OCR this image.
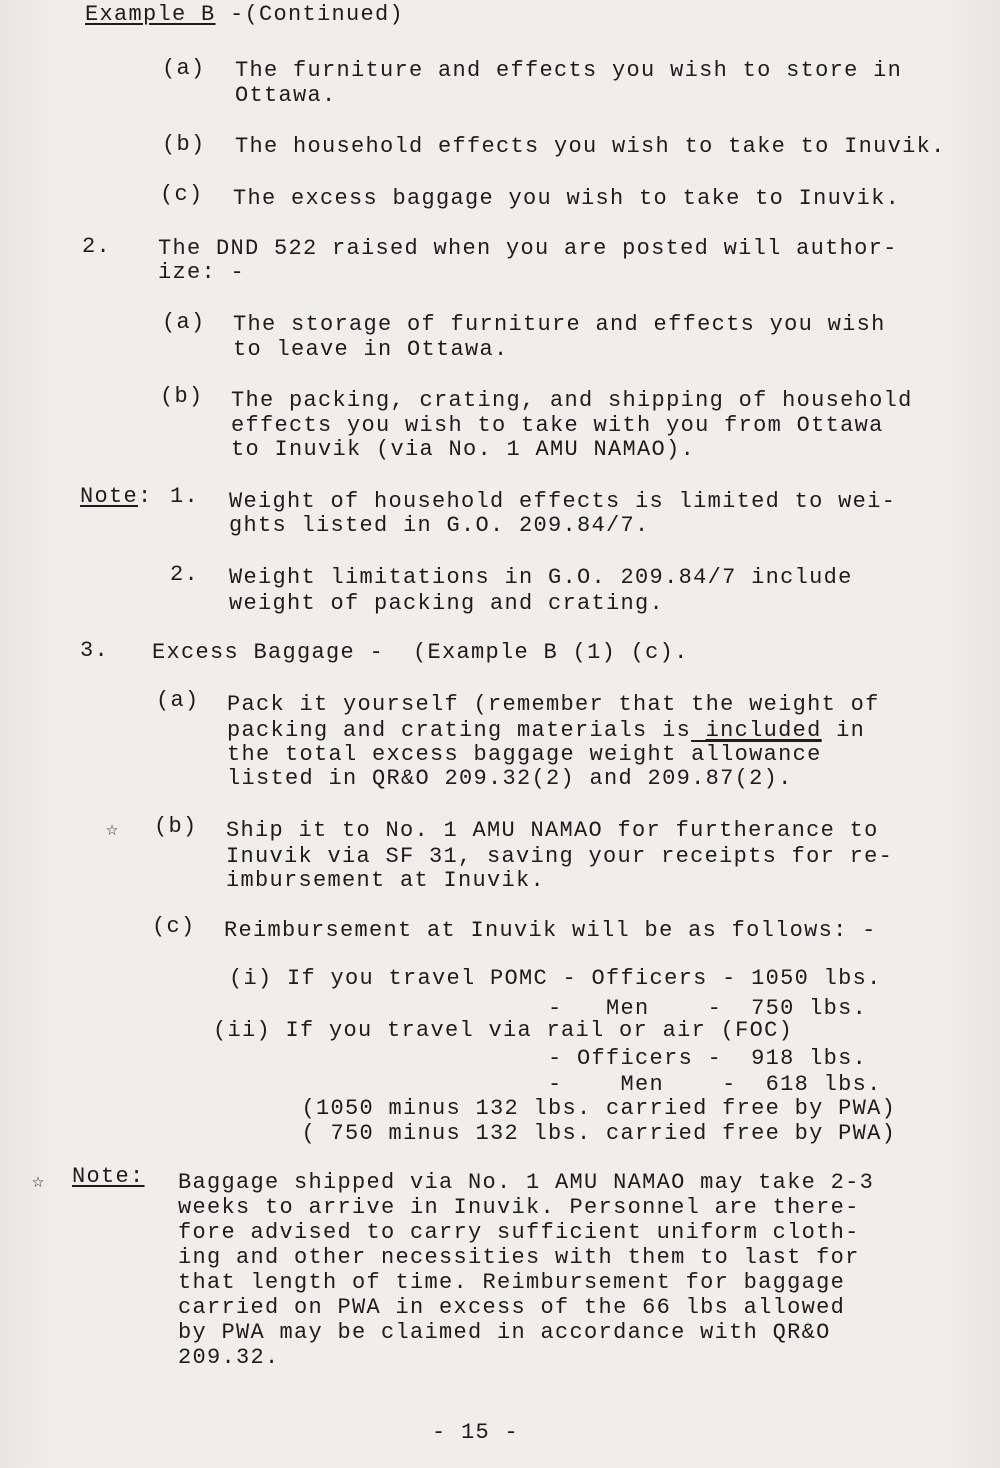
Example B -(Continued)
(a) The furniture and effects you wish to store in
Ottawa.
(b) The household effects you wish to take to Inuvik.
(c) The excess baggage you wish to take to Inuvik.
2. The DND 522 raised when you are posted will author-
ize: -
(a) The storage of furniture and effects you wish
to leave in Ottawa.
(b) The packing, crating, and shipping of household
effects you wish to take with you from Ottawa
to Inuvik (via No. 1 AMU NAMAO).
Note: 1. Weight of household effects is limited to wei-
ghts listed in G.O. 209.84/7.
2. Weight limitations in G.O. 209.84/7 include
weight of packing and crating.
3. Excess Baggage -  (Example B (1) (c).
(a) Pack it yourself (remember that the weight of
packing and crating materials is included in
the total excess baggage weight allowance
listed in QR&O 209.32(2) and 209.87(2).
☆ (b) Ship it to No. 1 AMU NAMAO for furtherance to
Inuvik via SF 31, saving your receipts for re-
imbursement at Inuvik.
(c) Reimbursement at Inuvik will be as follows: -
(i) If you travel POMC - Officers - 1050 lbs.
-   Men    -  750 lbs.
(ii) If you travel via rail or air (FOC)
- Officers -  918 lbs.
-    Men    -  618 lbs.
(1050 minus 132 lbs. carried free by PWA)
( 750 minus 132 lbs. carried free by PWA)
☆ Note: Baggage shipped via No. 1 AMU NAMAO may take 2-3
weeks to arrive in Inuvik. Personnel are there-
fore advised to carry sufficient uniform cloth-
ing and other necessities with them to last for
that length of time. Reimbursement for baggage
carried on PWA in excess of the 66 lbs allowed
by PWA may be claimed in accordance with QR&O
209.32.
- 15 -
